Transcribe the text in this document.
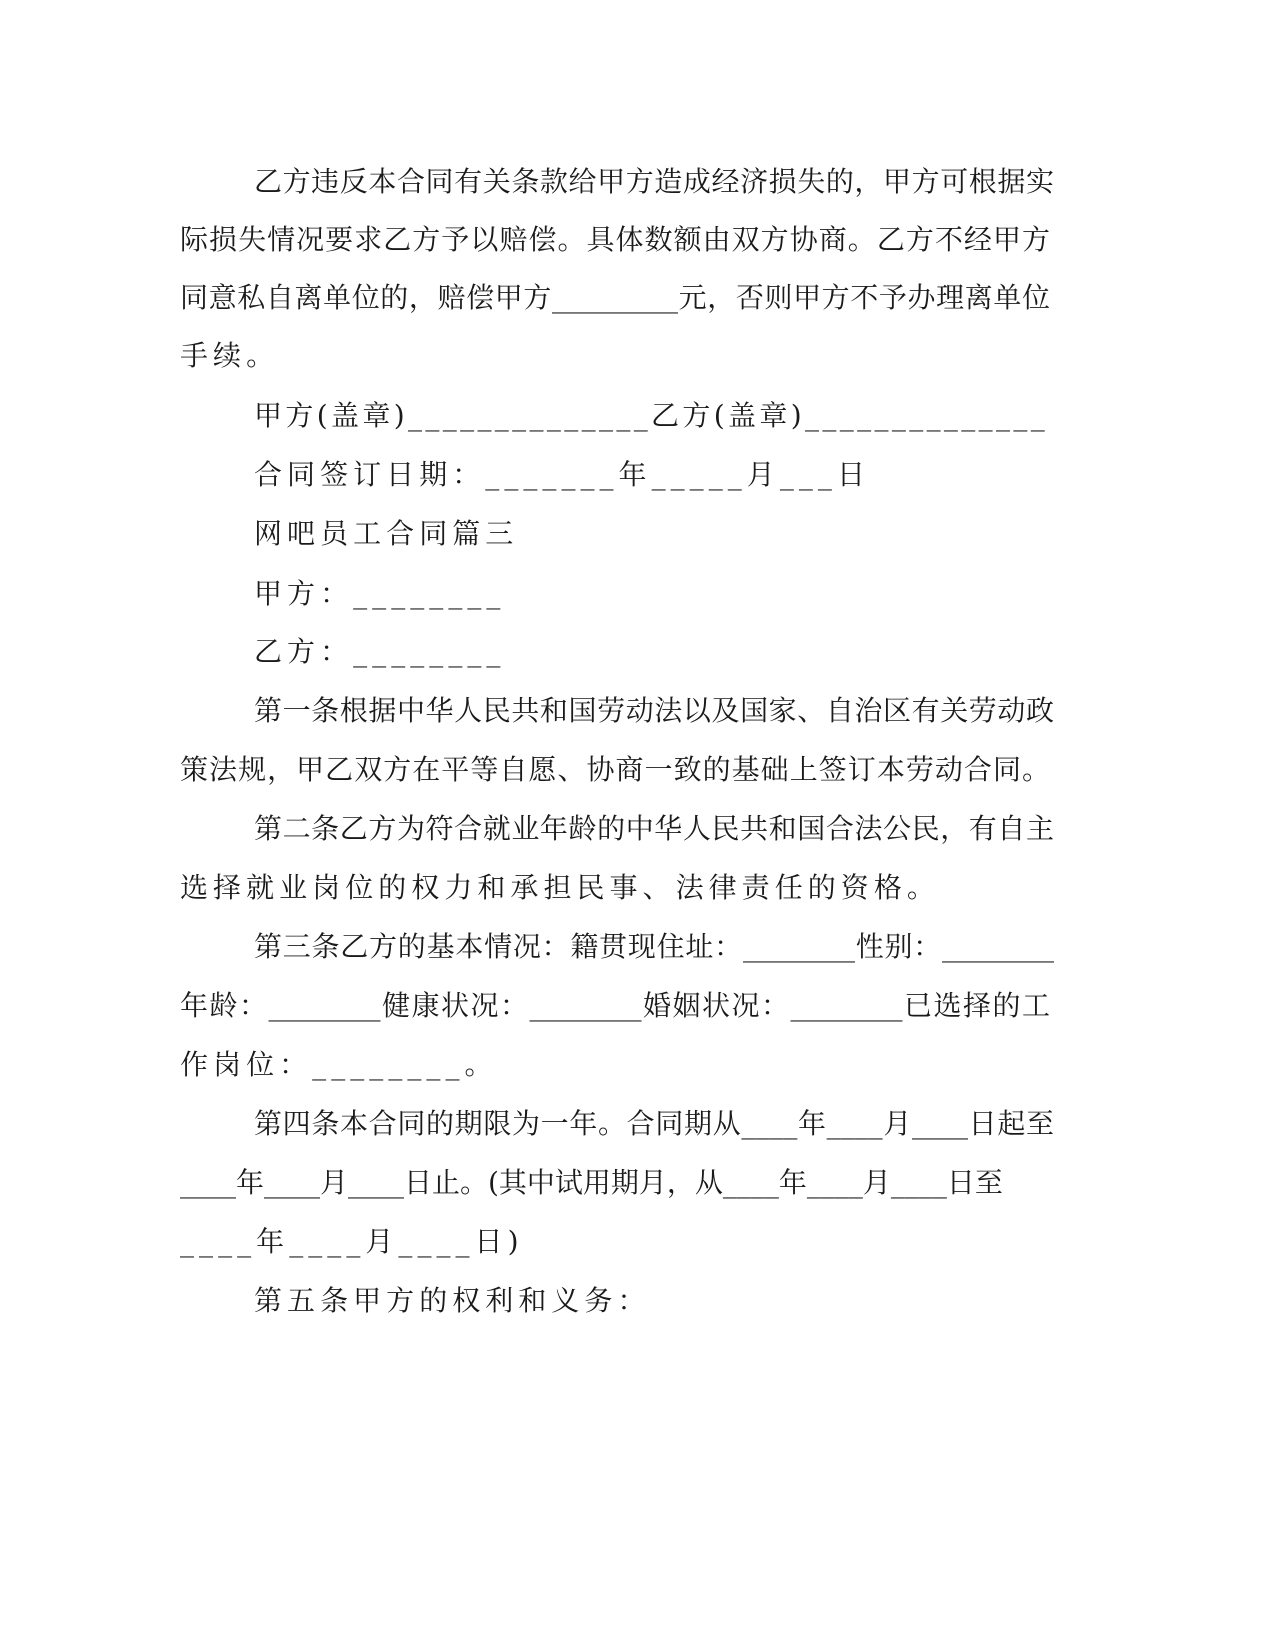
乙方违反本合同有关条款给甲方造成经济损失的，甲方可根据实
际损失情况要求乙方予以赔偿。具体数额由双方协商。乙方不经甲方
同意私自离单位的，赔偿甲方_________元，否则甲方不予办理离单位
手续。
甲方(盖章)______________乙方(盖章)______________
合同签订日期：_______年_____月___日
网吧员工合同篇三
甲方：________
乙方：________
第一条根据中华人民共和国劳动法以及国家、自治区有关劳动政
策法规，甲乙双方在平等自愿、协商一致的基础上签订本劳动合同。
第二条乙方为符合就业年龄的中华人民共和国合法公民，有自主
选择就业岗位的权力和承担民事、法律责任的资格。
第三条乙方的基本情况：籍贯现住址：________性别：________
年龄：________健康状况：________婚姻状况：________已选择的工
作岗位：________。
第四条本合同的期限为一年。合同期从____年____月____日起至
____年____月____日止。(其中试用期月，从____年____月____日至
____年____月____日)
第五条甲方的权利和义务：
